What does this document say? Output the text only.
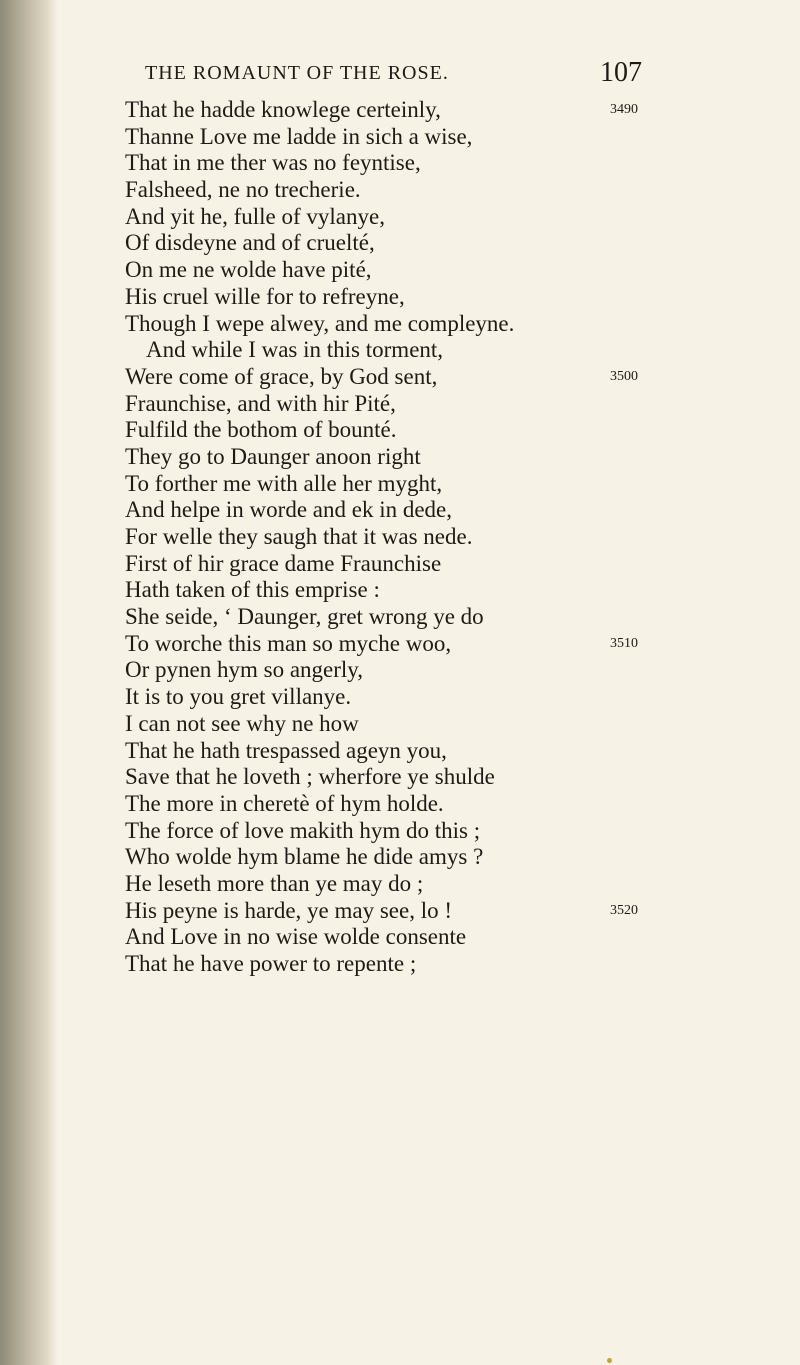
THE ROMAUNT OF THE ROSE.	107
That he hadde knowlege certeinly,	3490
Thanne Love me ladde in sich a wise,
That in me ther was no feyntise,
Falsheed, ne no trecherie.
And yit he, fulle of vylanye,
Of disdeyne and of cruelté,
On me ne wolde have pité,
His cruel wille for to refreyne,
Though I wepe alwey, and me compleyne.
And while I was in this torment,
Were come of grace, by God sent,	3500
Fraunchise, and with hir Pité,
Fulfild the bothom of bounté.
They go to Daunger anoon right
To forther me with alle her myght,
And helpe in worde and ek in dede,
For welle they saugh that it was nede.
First of hir grace dame Fraunchise
Hath taken of this emprise :
She seide, ‘ Daunger, gret wrong ye do
To worche this man so myche woo,	3510
Or pynen hym so angerly,
It is to you gret villanye.
I can not see why ne how
That he hath trespassed ageyn you,
Save that he loveth ; wherfore ye shulde
The more in cheretè of hym holde.
The force of love makith hym do this ;
Who wolde hym blame he dide amys ?
He leseth more than ye may do ;
His peyne is harde, ye may see, lo !	3520
And Love in no wise wolde consente
That he have power to repente ;
